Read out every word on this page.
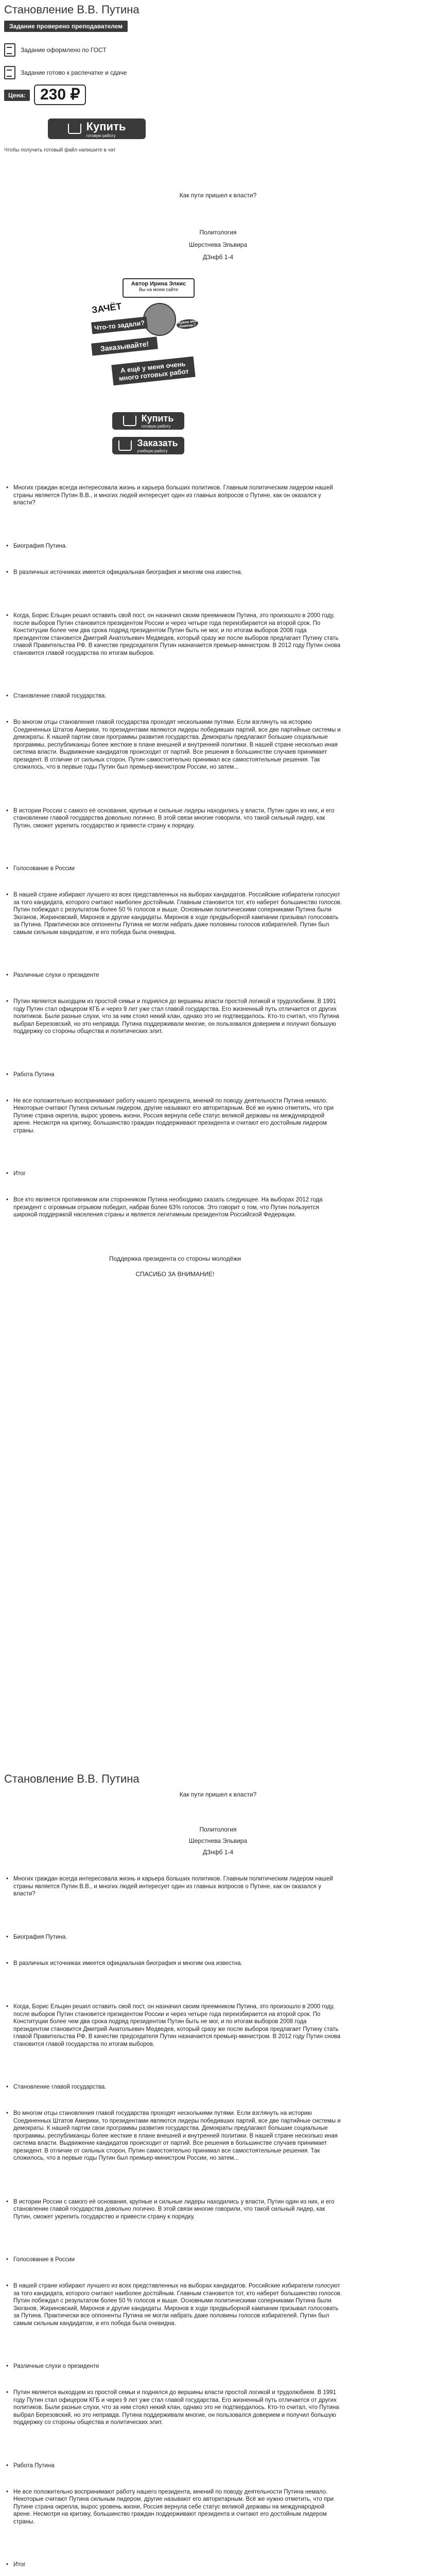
Становление В.В. Путина
Задание проверено преподавателем
Задание оформлено по ГОСТ
Задание готово к распечатке и сдаче
Цена: 230 ₽
Купить
готовую работу
Чтобы получить готовый файл напишите в чат
Как пути пришел к власти?
Политология
Шерстнева Эльвира
ДЗнфб 1-4
Автор Ирина Элкис
Вы на моем сайте
ЗАЧЁТ
Что-то задали?	Нужна моя помощь?
Заказывайте!
А ещё у меня очень много готовых работ
Купить
готовую работу
Заказать
учебную работу
• Многих граждан всегда интересовала жизнь и карьера больших политиков. Главным политическим лидером нашей страны является Путин В.В., и многих людей интересует один из главных вопросов о Путине, как он оказался у власти?
• Биография Путина.
• В различных источниках имеется официальная биография и многим она известна.
• Когда, Борис Ельцин решил оставить свой пост, он назначил своим преемником Путина, это произошло в 2000 году, после выборов Путин становится президентом России и через четыре года переизбирается на второй срок. По Конституции более чем два срока подряд президентом Путин быть не мог, и по итогам выборов 2008 года президентом становится Дмитрий Анатольевич Медведев, который сразу же после выборов предлагает Путину стать главой Правительства РФ. В качестве председателя Путин назначается премьер-министром. В 2012 году Путин снова становится главой государства по итогам выборов.
• Становление главой государства.
• Во многом отцы становления главой государства проходят несколькими путями. Если взглянуть на историю Соединенных Штатов Америки, то президентами являются лидеры победивших партий, все две партийные системы и демократы. К нашей партии свои программы развития государства. Демократы предлагают большие социальные программы, республиканцы более жесткие в плане внешней и внутренней политики. В нашей стране несколько иная система власти. Выдвижение кандидатов происходит от партий. Все решения в большинстве случаев принимает президент. В отличие от сильных сторон, Путин самостоятельно принимал все самостоятельные решения. Так сложилось, что в первые годы Путин был премьер-министром России, но затем...
• В истории России с самого её основания, крупные и сильные лидеры находились у власти, Путин один из них, и его становление главой государства довольно логично. В этой связи многие говорили, что такой сильный лидер, как Путин, сможет укрепить государство и привести страну к порядку.
• Голосование в России
• В нашей стране избирают лучшего из всех представленных на выборах кандидатов. Российские избиратели голосуют за того кандидата, которого считают наиболее достойным. Главным становится тот, кто наберет большинство голосов. Путин побеждал с результатом более 50 % голосов и выше. Основными политическими соперниками Путина были Зюганов, Жириновский, Миронов и другие кандидаты. Миронов в ходе предвыборной кампании призывал голосовать за Путина. Практически все оппоненты Путина не могли набрать даже половины голосов избирателей. Путин был самым сильным кандидатом, и его победа была очевидна.
• Различные слухи о президенте
• Путин является выходцем из простой семьи и поднялся до вершины власти простой логикой и трудолюбием. В 1991 году Путин стал офицером КГБ и через 9 лет уже стал главой государства. Его жизненный путь отличается от других политиков. Были разные слухи, что за ним стоял некий клан, однако это не подтвердилось. Кто-то считал, что Путина выбрал Березовский, но это неправда. Путина поддерживали многие, он пользовался доверием и получил большую поддержку со стороны общества и политических элит.
• Работа Путина
• Не все положительно воспринимают работу нашего президента, мнений по поводу деятельности Путина немало. Некоторые считают Путина сильным лидером, другие называют его авторитарным. Всё же нужно отметить, что при Путине страна окрепла, вырос уровень жизни, Россия вернула себе статус великой державы на международной арене. Несмотря на критику, большинство граждан поддерживают президента и считают его достойным лидером страны.
• Итог
• Все кто является противником или сторонником Путина необходимо сказать следующее. На выборах 2012 года президент с огромным отрывом победил, набрав более 63% голосов. Это говорит о том, что Путин пользуется широкой поддержкой населения страны и является легитимным президентом Российской Федерации.
Поддержка президента со стороны молодёжи
СПАСИБО ЗА ВНИМАНИЕ!
Становление В.В. Путина
Как пути пришел к власти?
Политология
Шерстнева Эльвира
ДЗнфб 1-4
• Многих граждан всегда интересовала жизнь и карьера больших политиков. Главным политическим лидером нашей страны является Путин В.В., и многих людей интересует один из главных вопросов о Путине, как он оказался у власти?
• Биография Путина.
• В различных источниках имеется официальная биография и многим она известна.
• Когда, Борис Ельцин решил оставить свой пост, он назначил своим преемником Путина, это произошло в 2000 году, после выборов Путин становится президентом России и через четыре года переизбирается на второй срок. По Конституции более чем два срока подряд президентом Путин быть не мог, и по итогам выборов 2008 года президентом становится Дмитрий Анатольевич Медведев, который сразу же после выборов предлагает Путину стать главой Правительства РФ. В качестве председателя Путин назначается премьер-министром. В 2012 году Путин снова становится главой государства по итогам выборов.
• Становление главой государства.
• Во многом отцы становления главой государства проходят несколькими путями. Если взглянуть на историю Соединенных Штатов Америки, то президентами являются лидеры победивших партий, все две партийные системы и демократы. К нашей партии свои программы развития государства. Демократы предлагают большие социальные программы, республиканцы более жесткие в плане внешней и внутренней политики. В нашей стране несколько иная система власти. Выдвижение кандидатов происходит от партий. Все решения в большинстве случаев принимает президент. В отличие от сильных сторон, Путин самостоятельно принимал все самостоятельные решения. Так сложилось, что в первые годы Путин был премьер-министром России, но затем...
• В истории России с самого её основания, крупные и сильные лидеры находились у власти, Путин один из них, и его становление главой государства довольно логично. В этой связи многие говорили, что такой сильный лидер, как Путин, сможет укрепить государство и привести страну к порядку.
• Голосование в России
• В нашей стране избирают лучшего из всех представленных на выборах кандидатов. Российские избиратели голосуют за того кандидата, которого считают наиболее достойным. Главным становится тот, кто наберет большинство голосов. Путин побеждал с результатом более 50 % голосов и выше. Основными политическими соперниками Путина были Зюганов, Жириновский, Миронов и другие кандидаты. Миронов в ходе предвыборной кампании призывал голосовать за Путина. Практически все оппоненты Путина не могли набрать даже половины голосов избирателей. Путин был самым сильным кандидатом, и его победа была очевидна.
• Различные слухи о президенте
• Путин является выходцем из простой семьи и поднялся до вершины власти простой логикой и трудолюбием. В 1991 году Путин стал офицером КГБ и через 9 лет уже стал главой государства. Его жизненный путь отличается от других политиков. Были разные слухи, что за ним стоял некий клан, однако это не подтвердилось. Кто-то считал, что Путина выбрал Березовский, но это неправда. Путина поддерживали многие, он пользовался доверием и получил большую поддержку со стороны общества и политических элит.
• Работа Путина
• Не все положительно воспринимают работу нашего президента, мнений по поводу деятельности Путина немало. Некоторые считают Путина сильным лидером, другие называют его авторитарным. Всё же нужно отметить, что при Путине страна окрепла, вырос уровень жизни, Россия вернула себе статус великой державы на международной арене. Несмотря на критику, большинство граждан поддерживают президента и считают его достойным лидером страны.
• Итог
